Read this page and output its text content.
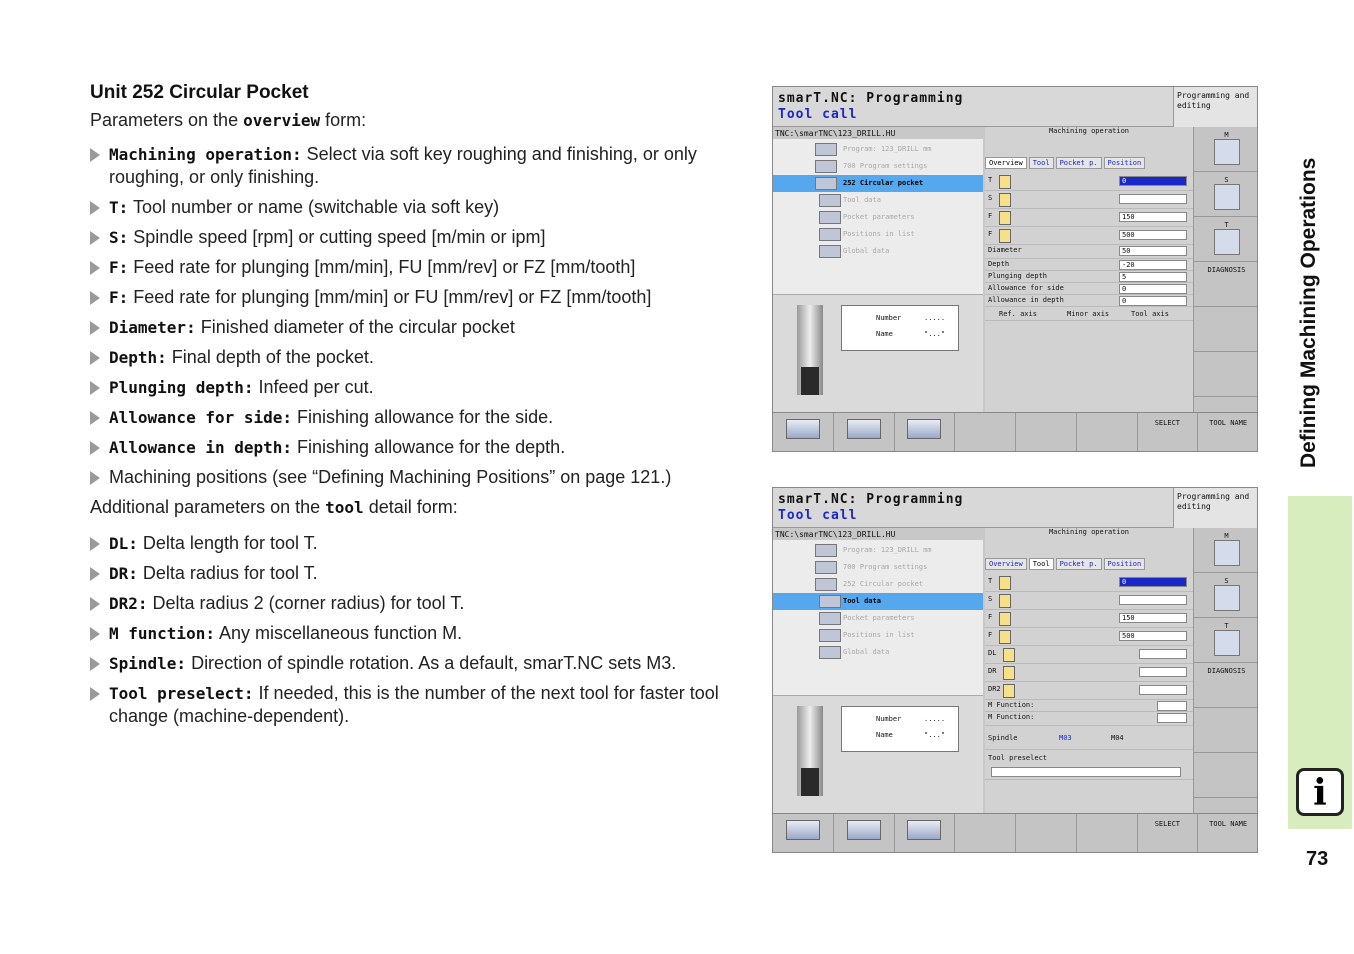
Unit 252 Circular Pocket
Parameters on the overview form:
Machining operation: Select via soft key roughing and finishing, or only roughing, or only finishing.
T: Tool number or name (switchable via soft key)
S: Spindle speed [rpm] or cutting speed [m/min or ipm]
F: Feed rate for plunging [mm/min], FU [mm/rev] or FZ [mm/tooth]
F: Feed rate for plunging [mm/min] or FU [mm/rev] or FZ [mm/tooth]
Diameter: Finished diameter of the circular pocket
Depth: Final depth of the pocket.
Plunging depth: Infeed per cut.
Allowance for side: Finishing allowance for the side.
Allowance in depth: Finishing allowance for the depth.
Machining positions (see “Defining Machining Positions” on page 121.)
Additional parameters on the tool detail form:
DL: Delta length for tool T.
DR: Delta radius for tool T.
DR2: Delta radius 2 (corner radius) for tool T.
M function: Any miscellaneous function M.
Spindle: Direction of spindle rotation. As a default, smarT.NC sets M3.
Tool preselect: If needed, this is the number of the next tool for faster tool change (machine-dependent).
smarT.NC: Programming
Tool call
Programming and editing
TNC:\smarTNC\123_DRILL.HU
Program: 123_DRILL mm
700 Program settings
252 Circular pocket
Tool data
Pocket parameters
Positions in list
Global data
Number	.....
Name	"..."
Machining operation
Overview Tool Pocket p. Position
T	0
S
F	150
F	500
Diameter	50
Depth	-20
Plunging depth	5
Allowance for side	0
Allowance in depth	0
Ref. axis	Minor axis	Tool axis
M
S
T
DIAGNOSIS
SELECT	TOOL NAME
smarT.NC: Programming
Tool call
Programming and editing
TNC:\smarTNC\123_DRILL.HU
Program: 123_DRILL mm
700 Program settings
252 Circular pocket
Tool data
Pocket parameters
Positions in list
Global data
Number	.....
Name	"..."
Machining operation
Overview Tool Pocket p. Position
T	0
S
F	150
F	500
DL
DR
DR2
M Function:
M Function:
Spindle	M03	M04
Tool preselect
M
S
T
DIAGNOSIS
SELECT	TOOL NAME
Defining Machining Operations
i
73
